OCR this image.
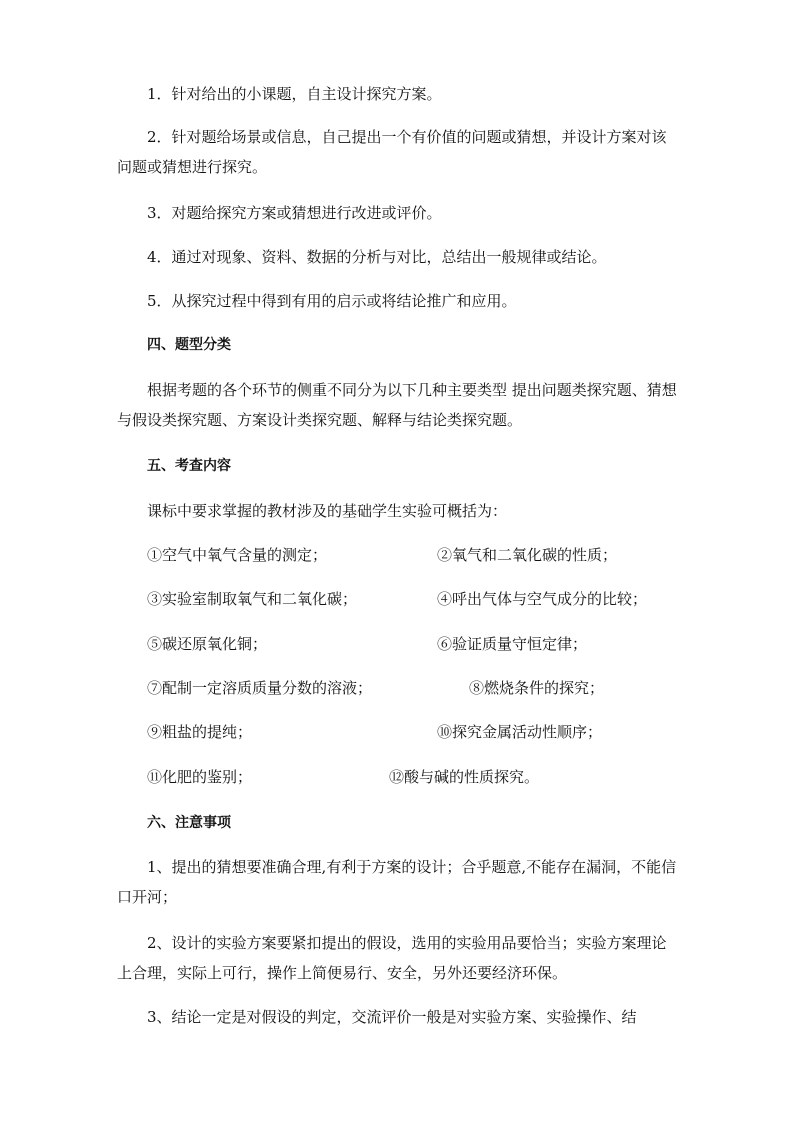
1．针对给出的小课题，自主设计探究方案。
2．针对题给场景或信息，自己提出一个有价值的问题或猜想，并设计方案对该问题或猜想进行探究。
3．对题给探究方案或猜想进行改进或评价。
4．通过对现象、资料、数据的分析与对比，总结出一般规律或结论。
5．从探究过程中得到有用的启示或将结论推广和应用。
四、题型分类
根据考题的各个环节的侧重不同分为以下几种主要类型 提出问题类探究题、猜想与假设类探究题、方案设计类探究题、解释与结论类探究题。
五、考查内容
课标中要求掌握的教材涉及的基础学生实验可概括为：
①空气中氧气含量的测定；	②氧气和二氧化碳的性质；
③实验室制取氧气和二氧化碳；	④呼出气体与空气成分的比较；
⑤碳还原氧化铜；	⑥验证质量守恒定律；
⑦配制一定溶质质量分数的溶液；	⑧燃烧条件的探究；
⑨粗盐的提纯；	⑩探究金属活动性顺序；
⑪化肥的鉴别；	⑫酸与碱的性质探究。
六、注意事项
1、提出的猜想要准确合理,有利于方案的设计；合乎题意,不能存在漏洞，不能信口开河；
2、设计的实验方案要紧扣提出的假设，选用的实验用品要恰当；实验方案理论上合理，实际上可行，操作上简便易行、安全，另外还要经济环保。
3、结论一定是对假设的判定，交流评价一般是对实验方案、实验操作、结
